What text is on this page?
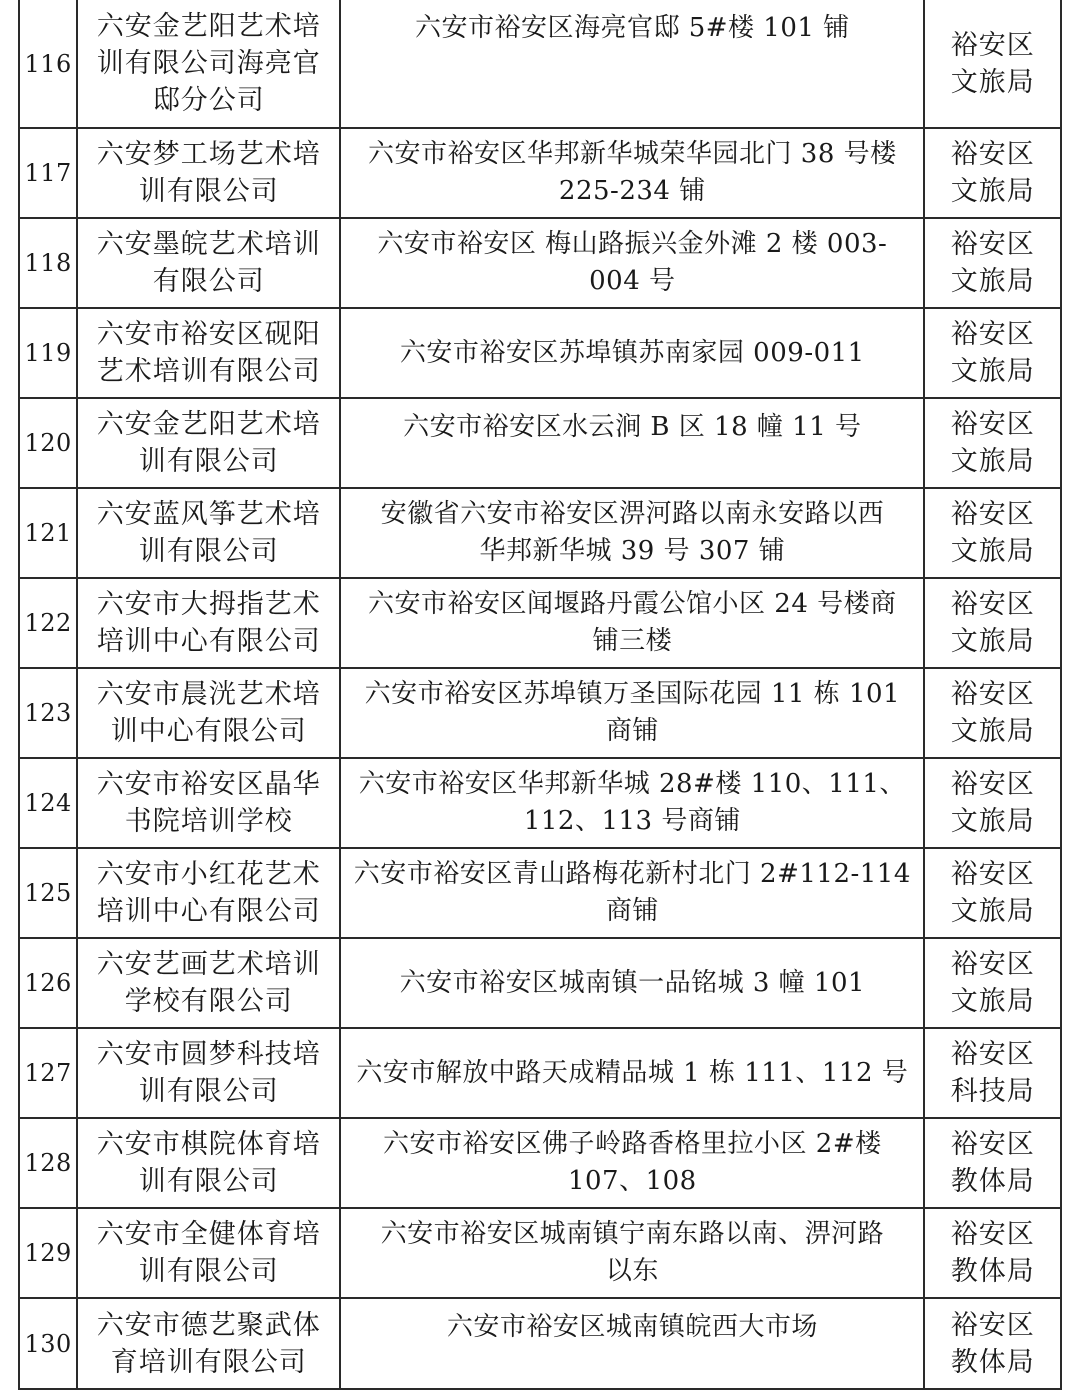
116	六安金艺阳艺术培
训有限公司海亮官
邸分公司	六安市裕安区海亮官邸 5#楼 101 铺	裕安区
文旅局

117	六安梦工场艺术培
训有限公司	六安市裕安区华邦新华城荣华园北门 38 号楼
225-234 铺	裕安区
文旅局

118	六安墨皖艺术培训
有限公司	六安市裕安区 梅山路振兴金外滩 2 楼 003-
004 号	裕安区
文旅局

119	六安市裕安区砚阳
艺术培训有限公司	六安市裕安区苏埠镇苏南家园 009-011	裕安区
文旅局

120	六安金艺阳艺术培
训有限公司	六安市裕安区水云涧 B 区 18 幢 11 号	裕安区
文旅局

121	六安蓝风筝艺术培
训有限公司	安徽省六安市裕安区淠河路以南永安路以西
华邦新华城 39 号 307 铺	裕安区
文旅局

122	六安市大拇指艺术
培训中心有限公司	六安市裕安区闻堰路丹霞公馆小区 24 号楼商
铺三楼	裕安区
文旅局

123	六安市晨洸艺术培
训中心有限公司	六安市裕安区苏埠镇万圣国际花园 11 栋 101
商铺	裕安区
文旅局

124	六安市裕安区晶华
书院培训学校	六安市裕安区华邦新华城 28#楼 110、111、
112、113 号商铺	裕安区
文旅局

125	六安市小红花艺术
培训中心有限公司	六安市裕安区青山路梅花新村北门 2#112-114
商铺	裕安区
文旅局

126	六安艺画艺术培训
学校有限公司	六安市裕安区城南镇一品铭城 3 幢 101	裕安区
文旅局

127	六安市圆梦科技培
训有限公司	六安市解放中路天成精品城 1 栋 111、112 号	裕安区
科技局

128	六安市棋院体育培
训有限公司	六安市裕安区佛子岭路香格里拉小区 2#楼
107、108	裕安区
教体局

129	六安市全健体育培
训有限公司	六安市裕安区城南镇宁南东路以南、淠河路
以东	裕安区
教体局

130	六安市德艺聚武体
育培训有限公司	六安市裕安区城南镇皖西大市场	裕安区
教体局
